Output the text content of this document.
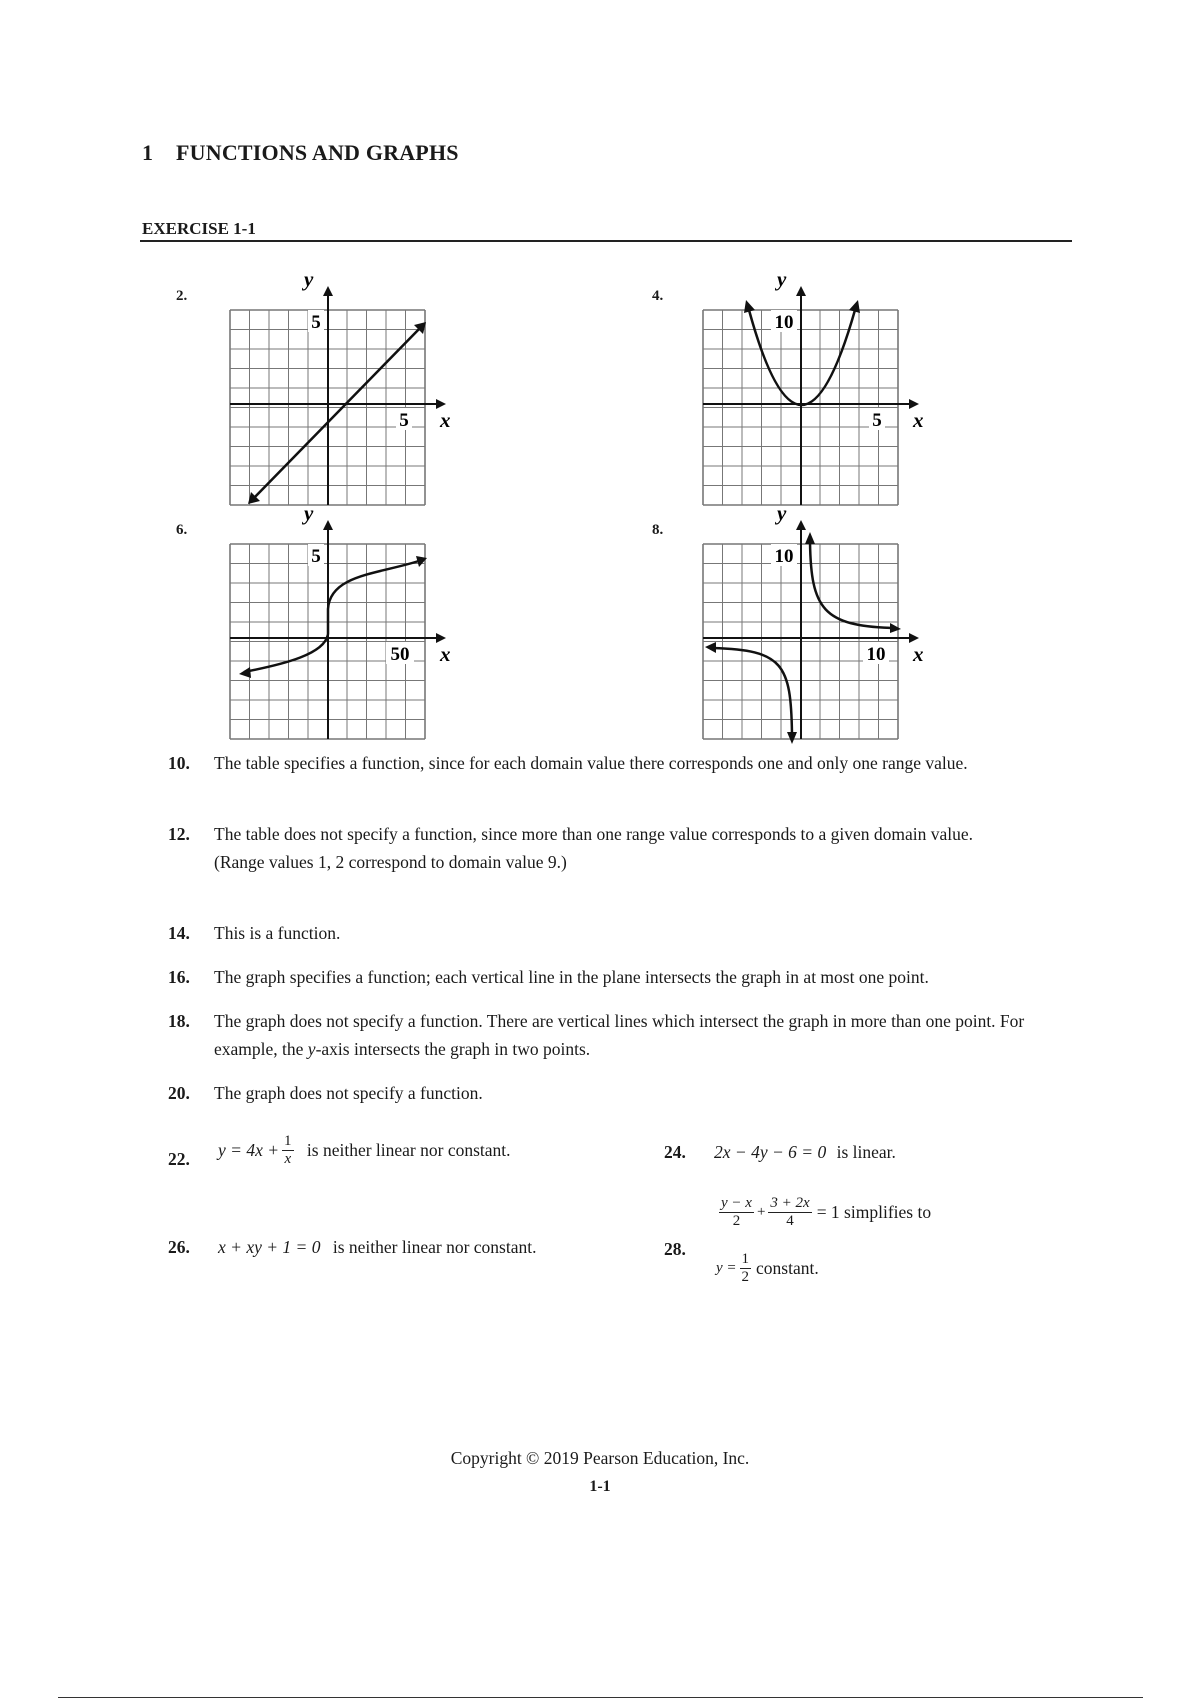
1 FUNCTIONS AND GRAPHS
EXERCISE 1-1
2.
5
5 x
y
4.
10
5 x
y
6.
5
50 x
y
8.
10
10 x
y
10.	The table specifies a function, since for each domain value there corresponds one and only one range value.
12.	The table does not specify a function, since more than one range value corresponds to a given domain value.
(Range values 1, 2 correspond to domain value 9.)
14.	This is a function.
16.	The graph specifies a function; each vertical line in the plane intersects the graph in at most one point.
18.	The graph does not specify a function. There are vertical lines which intersect the graph in more than one point. For example, the y-axis intersects the graph in two points.
20.	The graph does not specify a function.
22. $y = 4x + \frac{1}{x}$ is neither linear nor constant.	24. 2x − 4y − 6 = 0 is linear.
26. x + xy + 1 = 0 is neither linear nor constant.	28.
$\frac{y - x}{2} + \frac{3 + 2x}{4} = 1$ simplifies to
$y = \frac{1}{2}$ constant.
Copyright © 2019 Pearson Education, Inc.
1-1
